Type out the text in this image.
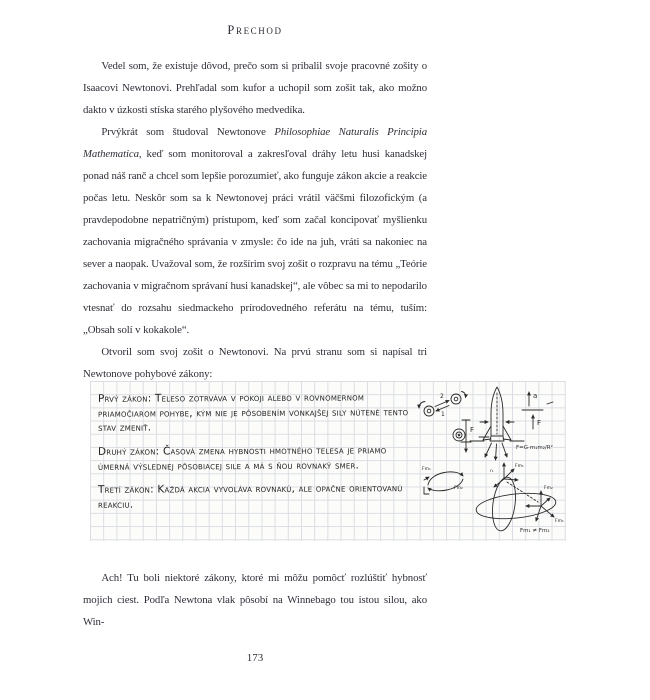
Prechod

Vedel som, že existuje dôvod, prečo som si pribalil svoje pracovné zošity o Isaacovi Newtonovi. Prehľadal som kufor a uchopil som zošit tak, ako možno dakto v úzkosti stíska starého plyšového medvedíka.

Prvýkrát som študoval Newtonove Philosophiae Naturalis Principia Mathematica, keď som monitoroval a zakresľoval dráhy letu husi kanadskej ponad náš ranč a chcel som lepšie porozumieť, ako funguje zákon akcie a reakcie počas letu. Neskôr som sa k Newtonovej práci vrátil väčšmi filozofickým (a pravdepodobne nepatričným) prístupom, keď som začal koncipovať myšlienku zachovania migračného správania v zmysle: čo ide na juh, vráti sa nakoniec na sever a naopak. Uvažoval som, že rozšírim svoj zošit o rozpravu na tému „Teórie zachovania v migračnom správaní husi kanadskej“, ale vôbec sa mi to nepodarilo vtesnať do rozsahu siedmackeho prírodovedného referátu na tému, tuším: „Obsah solí v kokakole“.

Otvoril som svoj zošit o Newtonovi. Na prvú stranu som si napísal tri Newtonove pohybové zákony:

Prvý zákon: Teleso zotrváva v pokoji alebo v rovnomernom priamočiarom pohybe, kým nie je pôsobením vonkajšej sily nútené tento stav zmeniť.

Druhý zákon: Časová zmena hybnosti hmotného telesa je priamo úmerná výslednej pôsobiacej sile a má s ňou rovnaký smer.

Tretí zákon: Každá akcia vyvoláva rovnakú, ale opačne orientovanú reakciu.

2
1
F
a
F
F=G·m₁m₂/R²
Fm₁
Fm₂
r₁
Fm₁
Fm₂
Fm₁
Fm₁ ≠ Fm₂

Ach! Tu boli niektoré zákony, ktoré mi môžu pomôcť rozlúštiť hybnosť mojich ciest. Podľa Newtona vlak pôsobí na Winnebago tou istou silou, ako Win-

173
